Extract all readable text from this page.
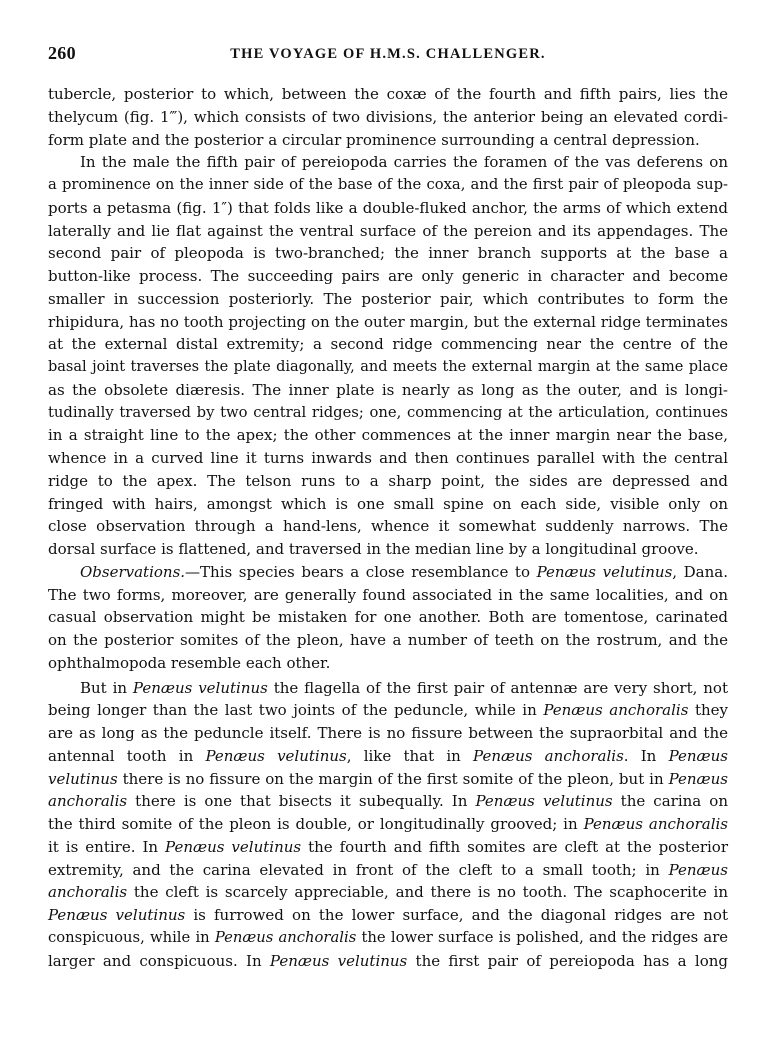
260	THE VOYAGE OF H.M.S. CHALLENGER.
tubercle, posterior to which, between the coxæ of the fourth and fifth pairs, lies the
thelycum (fig. 1‴), which consists of two divisions, the anterior being an elevated cordi-
form plate and the posterior a circular prominence surrounding a central depression.
In the male the fifth pair of pereiopoda carries the foramen of the vas deferens on
a prominence on the inner side of the base of the coxa, and the first pair of pleopoda sup-
ports a petasma (fig. 1″) that folds like a double-fluked anchor, the arms of which extend
laterally and lie flat against the ventral surface of the pereion and its appendages. The
second pair of pleopoda is two-branched; the inner branch supports at the base a
button-like process. The succeeding pairs are only generic in character and become
smaller in succession posteriorly. The posterior pair, which contributes to form the
rhipidura, has no tooth projecting on the outer margin, but the external ridge terminates
at the external distal extremity; a second ridge commencing near the centre of the
basal joint traverses the plate diagonally, and meets the external margin at the same place
as the obsolete diæresis. The inner plate is nearly as long as the outer, and is longi-
tudinally traversed by two central ridges; one, commencing at the articulation, continues
in a straight line to the apex; the other commences at the inner margin near the base,
whence in a curved line it turns inwards and then continues parallel with the central
ridge to the apex. The telson runs to a sharp point, the sides are depressed and
fringed with hairs, amongst which is one small spine on each side, visible only on
close observation through a hand-lens, whence it somewhat suddenly narrows. The
dorsal surface is flattened, and traversed in the median line by a longitudinal groove.
Observations.—This species bears a close resemblance to Penæus velutinus, Dana.
The two forms, moreover, are generally found associated in the same localities, and on
casual observation might be mistaken for one another. Both are tomentose, carinated
on the posterior somites of the pleon, have a number of teeth on the rostrum, and the
ophthalmopoda resemble each other.
But in Penæus velutinus the flagella of the first pair of antennæ are very short, not
being longer than the last two joints of the peduncle, while in Penæus anchoralis they
are as long as the peduncle itself. There is no fissure between the supraorbital and the
antennal tooth in Penæus velutinus, like that in Penæus anchoralis. In Penæus
velutinus there is no fissure on the margin of the first somite of the pleon, but in Penæus
anchoralis there is one that bisects it subequally. In Penæus velutinus the carina on
the third somite of the pleon is double, or longitudinally grooved; in Penæus anchoralis
it is entire. In Penæus velutinus the fourth and fifth somites are cleft at the posterior
extremity, and the carina elevated in front of the cleft to a small tooth; in Penæus
anchoralis the cleft is scarcely appreciable, and there is no tooth. The scaphocerite in
Penæus velutinus is furrowed on the lower surface, and the diagonal ridges are not
conspicuous, while in Penæus anchoralis the lower surface is polished, and the ridges are
larger and conspicuous. In Penæus velutinus the first pair of pereiopoda has a long
